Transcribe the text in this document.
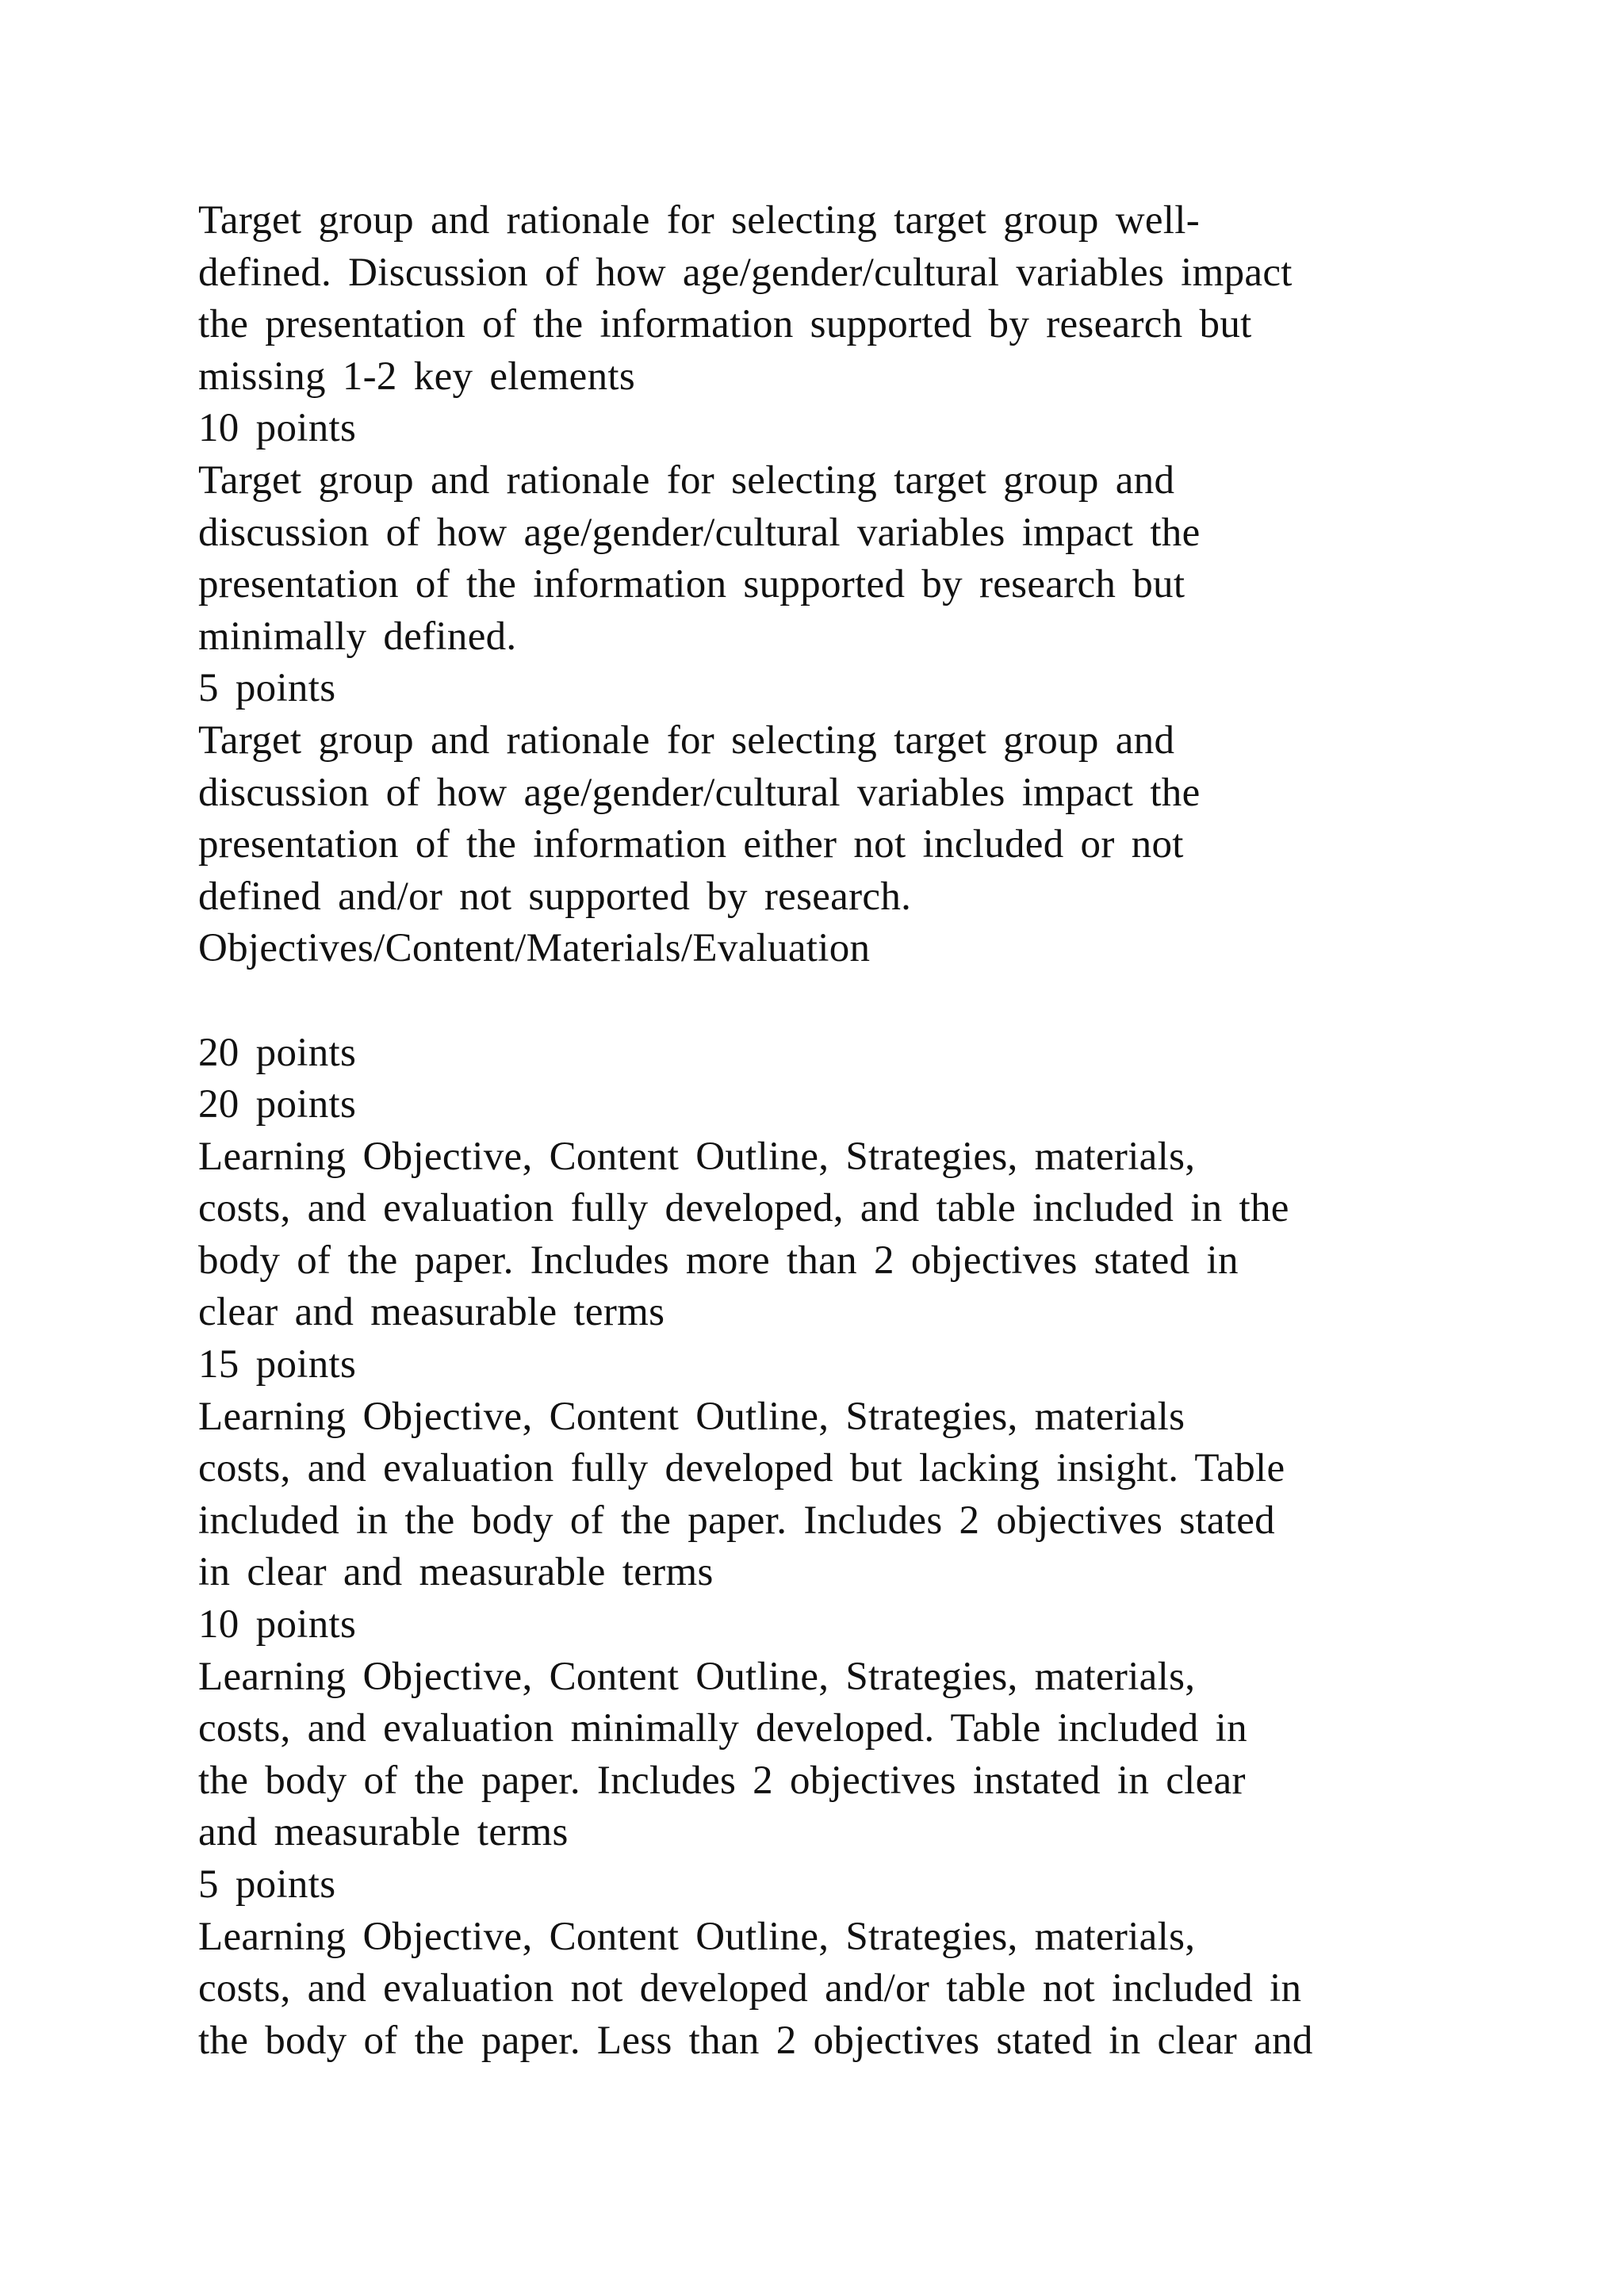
Target group and rationale for selecting target group well-
defined. Discussion of how age/gender/cultural variables impact
the presentation of the information supported by research but
missing 1-2 key elements
10 points
Target group and rationale for selecting target group and
discussion of how age/gender/cultural variables impact the
presentation of the information supported by research but
minimally defined.
5 points
Target group and rationale for selecting target group and
discussion of how age/gender/cultural variables impact the
presentation of the information either not included or not
defined and/or not supported by research.
Objectives/Content/Materials/Evaluation
20 points
20 points
Learning Objective, Content Outline, Strategies, materials,
costs, and evaluation fully developed, and table included in the
body of the paper. Includes more than 2 objectives stated in
clear and measurable terms
15 points
Learning Objective, Content Outline, Strategies, materials
costs, and evaluation fully developed but lacking insight. Table
included in the body of the paper. Includes 2 objectives stated
in clear and measurable terms
10 points
Learning Objective, Content Outline, Strategies, materials,
costs, and evaluation minimally developed. Table included in
the body of the paper. Includes 2 objectives instated in clear
and measurable terms
5 points
Learning Objective, Content Outline, Strategies, materials,
costs, and evaluation not developed and/or table not included in
the body of the paper. Less than 2 objectives stated in clear and
